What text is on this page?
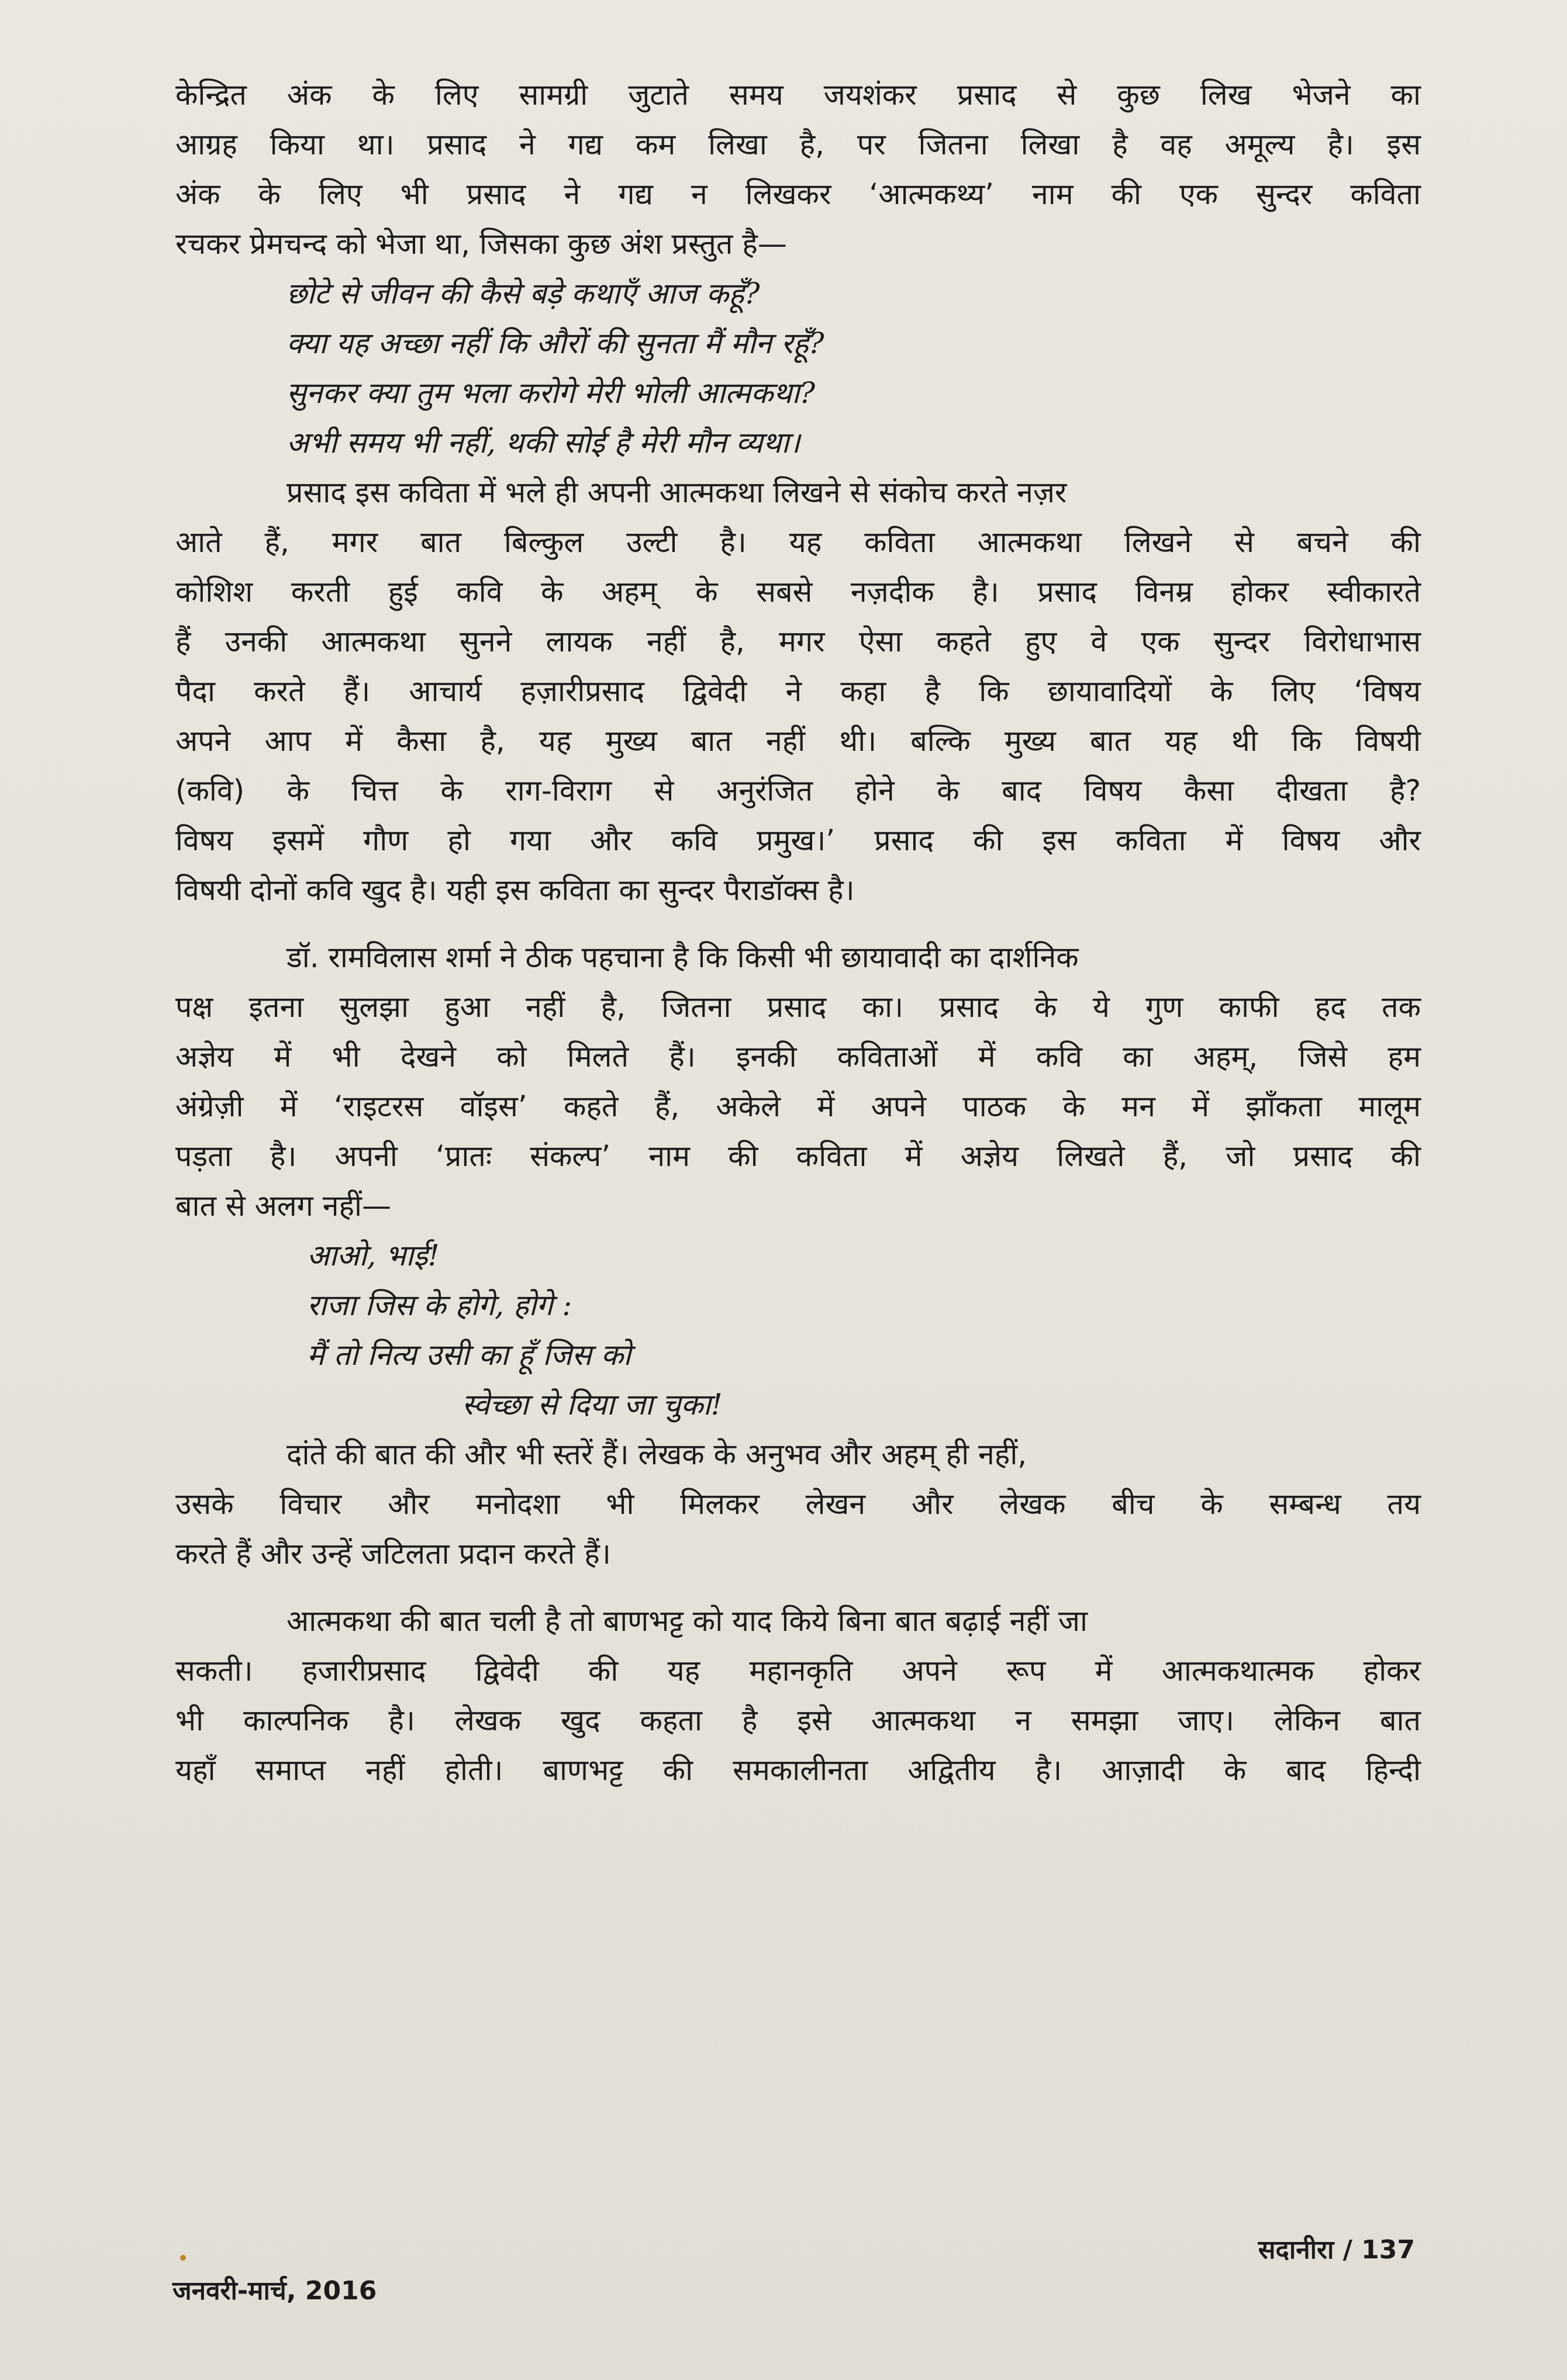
केन्द्रित अंक के लिए सामग्री जुटाते समय जयशंकर प्रसाद से कुछ लिख भेजने का
आग्रह किया था। प्रसाद ने गद्य कम लिखा है, पर जितना लिखा है वह अमूल्य है। इस
अंक के लिए भी प्रसाद ने गद्य न लिखकर ‘आत्मकथ्य’ नाम की एक सुन्दर कविता
रचकर प्रेमचन्द को भेजा था, जिसका कुछ अंश प्रस्तुत है—
छोटे से जीवन की कैसे बड़े कथाएँ आज कहूँ?
क्या यह अच्छा नहीं कि औरों की सुनता मैं मौन रहूँ?
सुनकर क्या तुम भला करोगे मेरी भोली आत्मकथा?
अभी समय भी नहीं, थकी सोई है मेरी मौन व्यथा।
प्रसाद इस कविता में भले ही अपनी आत्मकथा लिखने से संकोच करते नज़र
आते हैं, मगर बात बिल्कुल उल्टी है। यह कविता आत्मकथा लिखने से बचने की
कोशिश करती हुई कवि के अहम् के सबसे नज़दीक है। प्रसाद विनम्र होकर स्वीकारते
हैं उनकी आत्मकथा सुनने लायक नहीं है, मगर ऐसा कहते हुए वे एक सुन्दर विरोधाभास
पैदा करते हैं। आचार्य हज़ारीप्रसाद द्विवेदी ने कहा है कि छायावादियों के लिए ‘विषय
अपने आप में कैसा है, यह मुख्य बात नहीं थी। बल्कि मुख्य बात यह थी कि विषयी
(कवि) के चित्त के राग-विराग से अनुरंजित होने के बाद विषय कैसा दीखता है?
विषय इसमें गौण हो गया और कवि प्रमुख।’ प्रसाद की इस कविता में विषय और
विषयी दोनों कवि खुद है। यही इस कविता का सुन्दर पैराडॉक्स है।
डॉ. रामविलास शर्मा ने ठीक पहचाना है कि किसी भी छायावादी का दार्शनिक
पक्ष इतना सुलझा हुआ नहीं है, जितना प्रसाद का। प्रसाद के ये गुण काफी हद तक
अज्ञेय में भी देखने को मिलते हैं। इनकी कविताओं में कवि का अहम्, जिसे हम
अंग्रेज़ी में ‘राइटरस वॉइस’ कहते हैं, अकेले में अपने पाठक के मन में झाँकता मालूम
पड़ता है। अपनी ‘प्रातः संकल्प’ नाम की कविता में अज्ञेय लिखते हैं, जो प्रसाद की
बात से अलग नहीं—
आओ, भाई!
राजा जिस के होगे, होगे :
मैं तो नित्य उसी का हूँ जिस को
स्वेच्छा से दिया जा चुका!
दांते की बात की और भी स्तरें हैं। लेखक के अनुभव और अहम् ही नहीं,
उसके विचार और मनोदशा भी मिलकर लेखन और लेखक बीच के सम्बन्ध तय
करते हैं और उन्हें जटिलता प्रदान करते हैं।
आत्मकथा की बात चली है तो बाणभट्ट को याद किये बिना बात बढ़ाई नहीं जा
सकती। हजारीप्रसाद द्विवेदी की यह महानकृति अपने रूप में आत्मकथात्मक होकर
भी काल्पनिक है। लेखक खुद कहता है इसे आत्मकथा न समझा जाए। लेकिन बात
यहाँ समाप्त नहीं होती। बाणभट्ट की समकालीनता अद्वितीय है। आज़ादी के बाद हिन्दी
सदानीरा / 137
जनवरी-मार्च, 2016
